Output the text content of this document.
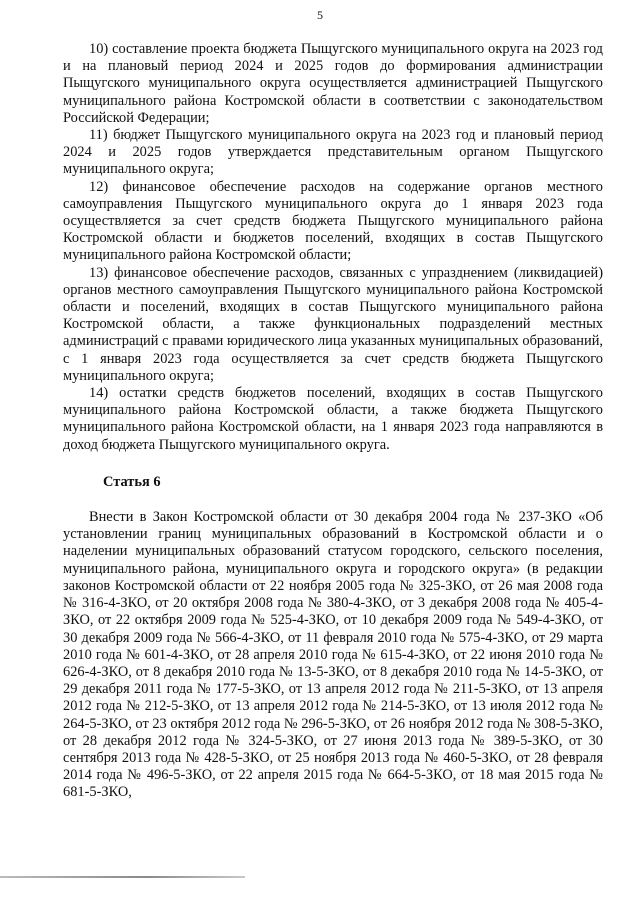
5

10) составление проекта бюджета Пыщугского муниципального округа на 2023 год и на плановый период 2024 и 2025 годов до формирования администрации Пыщугского муниципального округа осуществляется администрацией Пыщугского муниципального района Костромской области в соответствии с законодательством Российской Федерации;

11) бюджет Пыщугского муниципального округа на 2023 год и плановый период 2024 и 2025 годов утверждается представительным органом Пыщугского муниципального округа;

12) финансовое обеспечение расходов на содержание органов местного самоуправления Пыщугского муниципального округа до 1 января 2023 года осуществляется за счет средств бюджета Пыщугского муниципального района Костромской области и бюджетов поселений, входящих в состав Пыщугского муниципального района Костромской области;

13) финансовое обеспечение расходов, связанных с упразднением (ликвидацией) органов местного самоуправления Пыщугского муниципального района Костромской области и поселений, входящих в состав Пыщугского муниципального района Костромской области, а также функциональных подразделений местных администраций с правами юридического лица указанных муниципальных образований, с 1 января 2023 года осуществляется за счет средств бюджета Пыщугского муниципального округа;

14) остатки средств бюджетов поселений, входящих в состав Пыщугского муниципального района Костромской области, а также бюджета Пыщугского муниципального района Костромской области, на 1 января 2023 года направляются в доход бюджета Пыщугского муниципального округа.

Статья 6

Внести в Закон Костромской области от 30 декабря 2004 года № 237-ЗКО «Об установлении границ муниципальных образований в Костромской области и о наделении муниципальных образований статусом городского, сельского поселения, муниципального района, муниципального округа и городского округа» (в редакции законов Костромской области от 22 ноября 2005 года № 325-ЗКО, от 26 мая 2008 года № 316-4-ЗКО, от 20 октября 2008 года № 380-4-ЗКО, от 3 декабря 2008 года № 405-4-ЗКО, от 22 октября 2009 года № 525-4-ЗКО, от 10 декабря 2009 года № 549-4-ЗКО, от 30 декабря 2009 года № 566-4-ЗКО, от 11 февраля 2010 года № 575-4-ЗКО, от 29 марта 2010 года № 601-4-ЗКО, от 28 апреля 2010 года № 615-4-ЗКО, от 22 июня 2010 года № 626-4-ЗКО, от 8 декабря 2010 года № 13-5-ЗКО, от 8 декабря 2010 года № 14-5-ЗКО, от 29 декабря 2011 года № 177-5-ЗКО, от 13 апреля 2012 года № 211-5-ЗКО, от 13 апреля 2012 года № 212-5-ЗКО, от 13 апреля 2012 года № 214-5-ЗКО, от 13 июля 2012 года № 264-5-ЗКО, от 23 октября 2012 года № 296-5-ЗКО, от 26 ноября 2012 года № 308-5-ЗКО, от 28 декабря 2012 года № 324-5-ЗКО, от 27 июня 2013 года № 389-5-ЗКО, от 30 сентября 2013 года № 428-5-ЗКО, от 25 ноября 2013 года № 460-5-ЗКО, от 28 февраля 2014 года № 496-5-ЗКО, от 22 апреля 2015 года № 664-5-ЗКО, от 18 мая 2015 года № 681-5-ЗКО,
